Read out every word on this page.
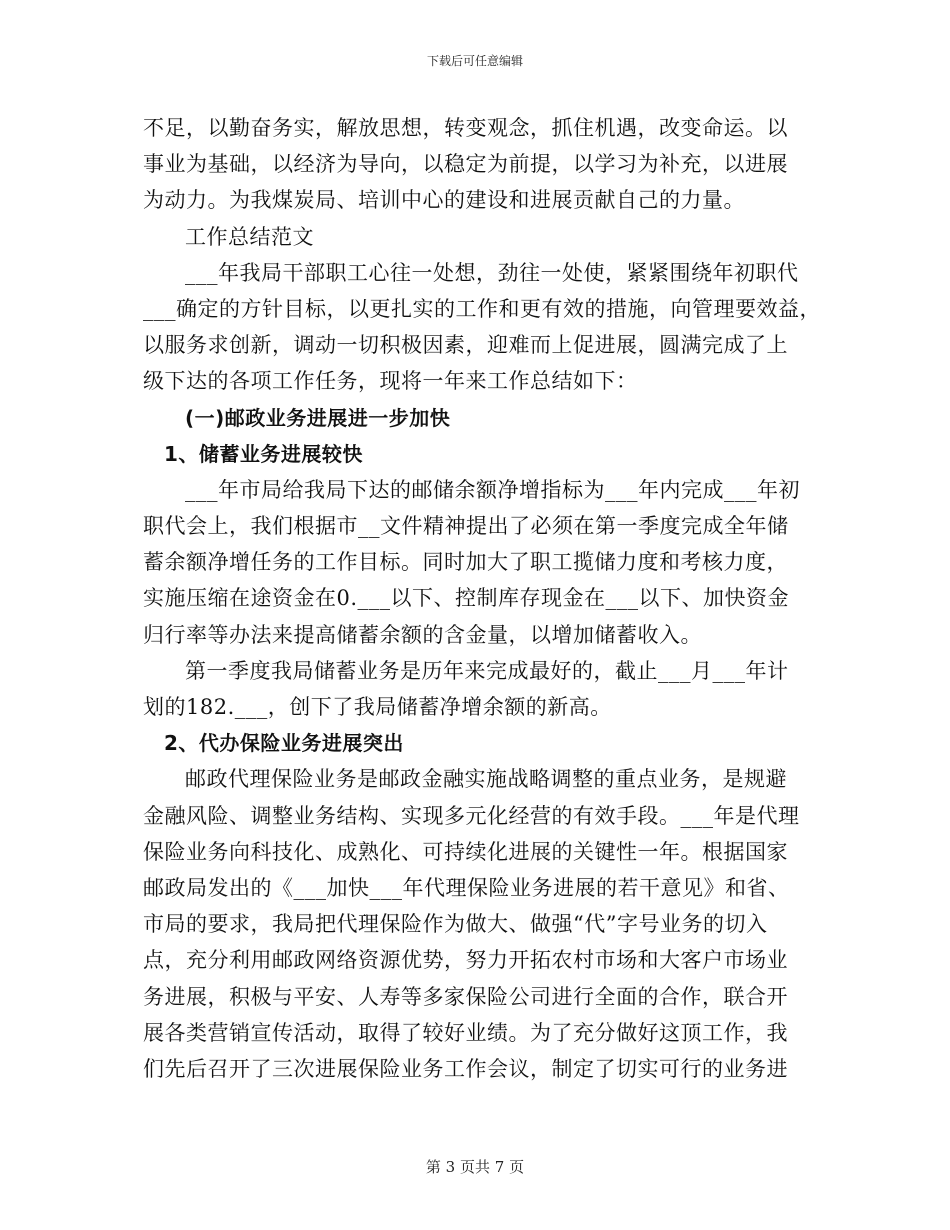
下载后可任意编辑
不足，以勤奋务实，解放思想，转变观念，抓住机遇，改变命运。以
事业为基础，以经济为导向，以稳定为前提，以学习为补充，以进展
为动力。为我煤炭局、培训中心的建设和进展贡献自己的力量。
工作总结范文
___年我局干部职工心往一处想，劲往一处使，紧紧围绕年初职代
___确定的方针目标，以更扎实的工作和更有效的措施，向管理要效益，
以服务求创新，调动一切积极因素，迎难而上促进展，圆满完成了上
级下达的各项工作任务，现将一年来工作总结如下：
(一)邮政业务进展进一步加快
1、储蓄业务进展较快
___年市局给我局下达的邮储余额净增指标为___年内完成___年初
职代会上，我们根据市__文件精神提出了必须在第一季度完成全年储
蓄余额净增任务的工作目标。同时加大了职工揽储力度和考核力度，
实施压缩在途资金在0.___以下、控制库存现金在___以下、加快资金
归行率等办法来提高储蓄余额的含金量，以增加储蓄收入。
第一季度我局储蓄业务是历年来完成最好的，截止___月___年计
划的182.___，创下了我局储蓄净增余额的新高。
2、代办保险业务进展突出
邮政代理保险业务是邮政金融实施战略调整的重点业务，是规避
金融风险、调整业务结构、实现多元化经营的有效手段。___年是代理
保险业务向科技化、成熟化、可持续化进展的关键性一年。根据国家
邮政局发出的《___加快___年代理保险业务进展的若干意见》和省、
市局的要求，我局把代理保险作为做大、做强“代”字号业务的切入
点，充分利用邮政网络资源优势，努力开拓农村市场和大客户市场业
务进展，积极与平安、人寿等多家保险公司进行全面的合作，联合开
展各类营销宣传活动，取得了较好业绩。为了充分做好这顶工作，我
们先后召开了三次进展保险业务工作会议，制定了切实可行的业务进
第 3 页共 7 页
